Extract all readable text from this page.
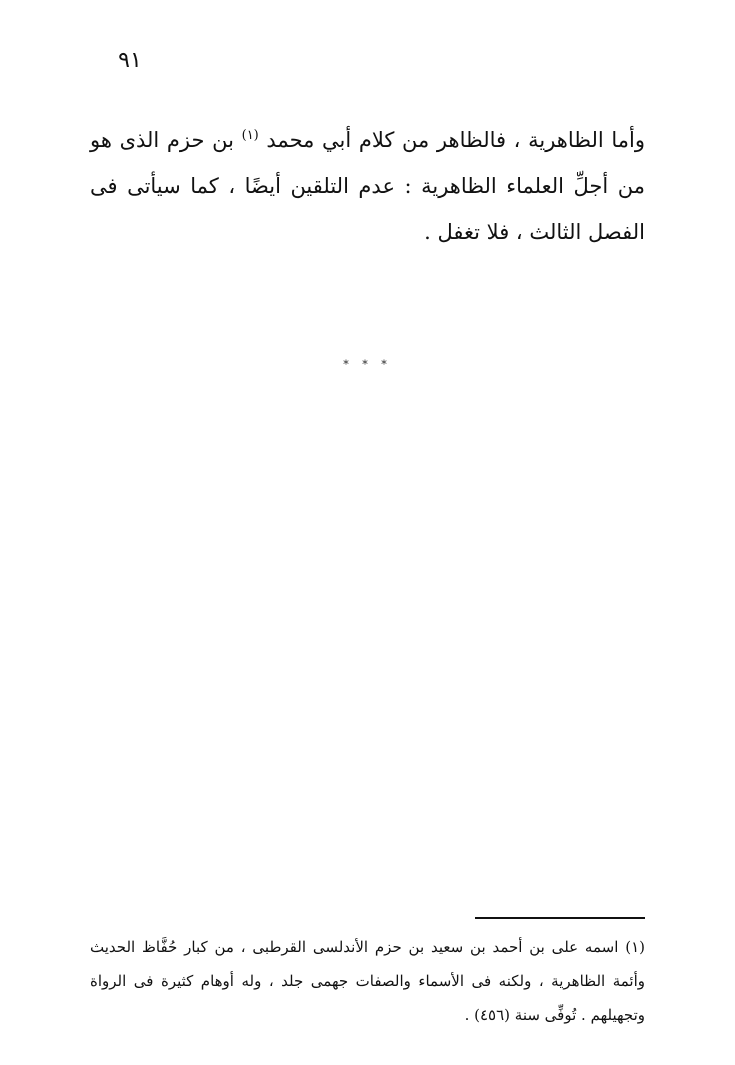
٩١

وأما الظاهرية ، فالظاهر من كلام أبي محمد $^{(١)}$ بن حزم الذى هو من أجلِّ العلماء الظاهرية : عدم التلقين أيضًا ، كما سيأتى فى الفصل الثالث ، فلا تغفل .

* * *

(١) اسمه على بن أحمد بن سعيد بن حزم الأندلسى القرطبى ، من كبار حُفَّاظ الحديث وأئمة الظاهرية ، ولكنه فى الأسماء والصفات جهمى جلد ، وله أوهام كثيرة فى الرواة وتجهيلهم . تُوفِّى سنة (٤٥٦) .
